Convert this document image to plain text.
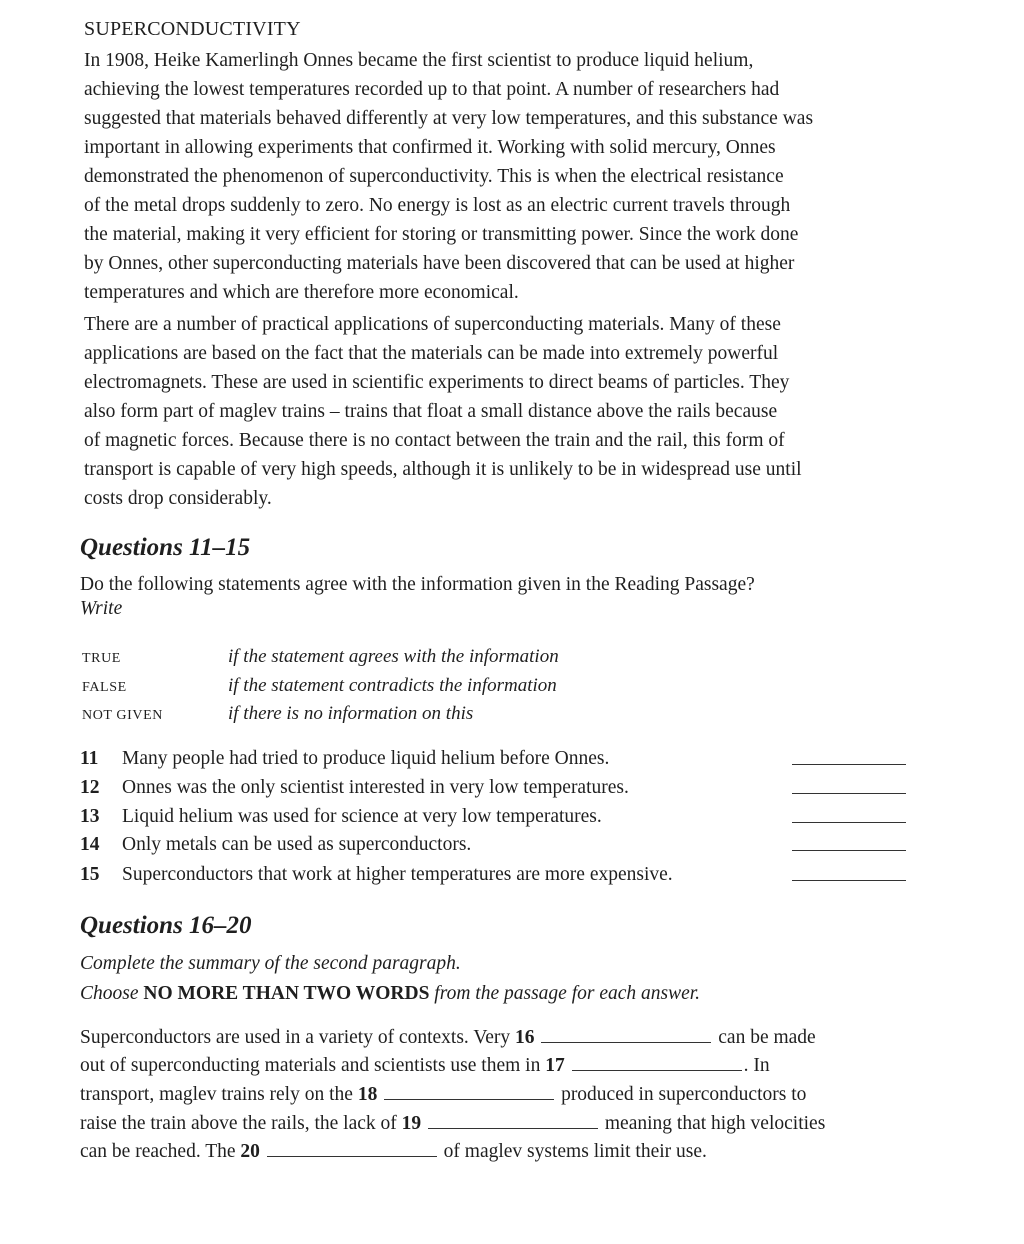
SUPERCONDUCTIVITY
In 1908, Heike Kamerlingh Onnes became the first scientist to produce liquid helium,
achieving the lowest temperatures recorded up to that point. A number of researchers had
suggested that materials behaved differently at very low temperatures, and this substance was
important in allowing experiments that confirmed it. Working with solid mercury, Onnes
demonstrated the phenomenon of superconductivity. This is when the electrical resistance
of the metal drops suddenly to zero. No energy is lost as an electric current travels through
the material, making it very efficient for storing or transmitting power. Since the work done
by Onnes, other superconducting materials have been discovered that can be used at higher
temperatures and which are therefore more economical.
There are a number of practical applications of superconducting materials. Many of these
applications are based on the fact that the materials can be made into extremely powerful
electromagnets. These are used in scientific experiments to direct beams of particles. They
also form part of maglev trains – trains that float a small distance above the rails because
of magnetic forces. Because there is no contact between the train and the rail, this form of
transport is capable of very high speeds, although it is unlikely to be in widespread use until
costs drop considerably.
Questions 11–15
Do the following statements agree with the information given in the Reading Passage?
Write
TRUE	if the statement agrees with the information
FALSE	if the statement contradicts the information
NOT GIVEN	if there is no information on this
11 Many people had tried to produce liquid helium before Onnes.
12 Onnes was the only scientist interested in very low temperatures.
13 Liquid helium was used for science at very low temperatures.
14 Only metals can be used as superconductors.
15 Superconductors that work at higher temperatures are more expensive.
Questions 16–20
Complete the summary of the second paragraph.
Choose NO MORE THAN TWO WORDS from the passage for each answer.
Superconductors are used in a variety of contexts. Very 16	can be made
out of superconducting materials and scientists use them in 17	. In
transport, maglev trains rely on the 18	produced in superconductors to
raise the train above the rails, the lack of 19	meaning that high velocities
can be reached. The 20	of maglev systems limit their use.
